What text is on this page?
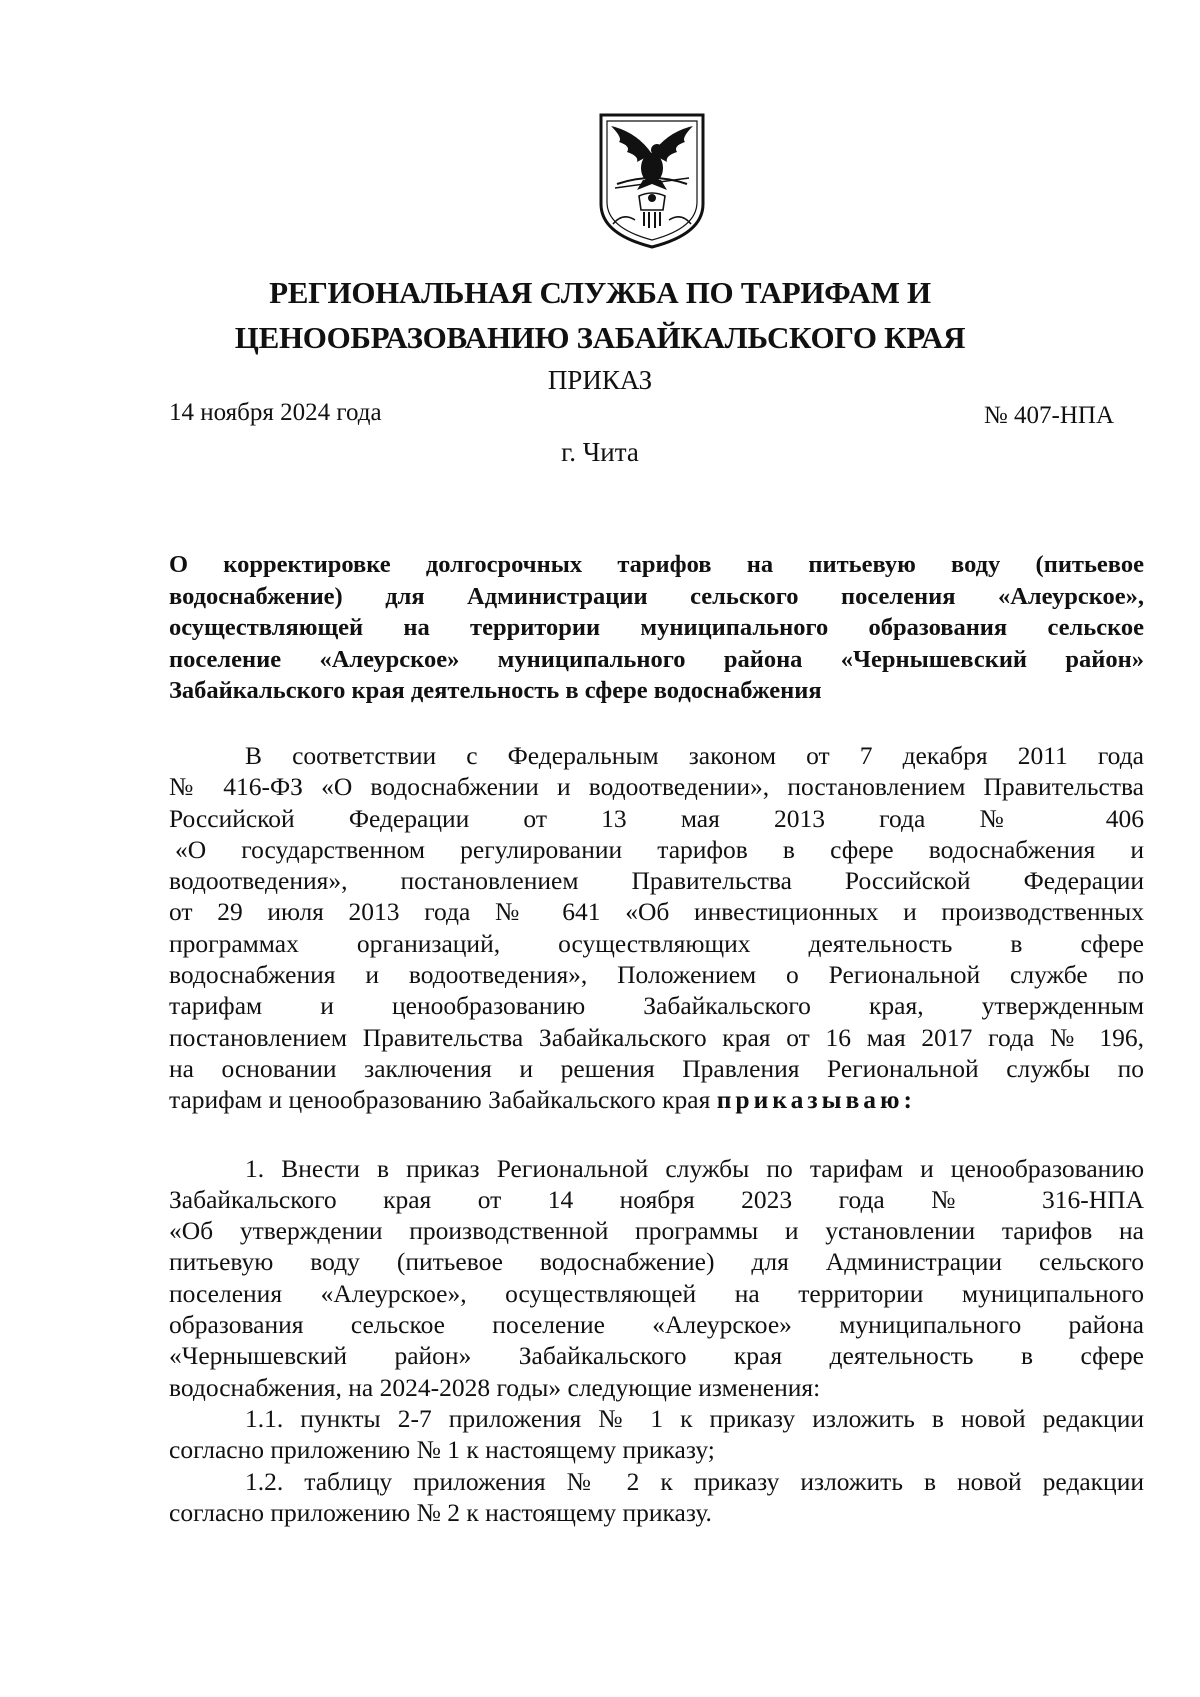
РЕГИОНАЛЬНАЯ СЛУЖБА ПО ТАРИФАМ И
ЦЕНООБРАЗОВАНИЮ ЗАБАЙКАЛЬСКОГО КРАЯ
ПРИКАЗ
14 ноября 2024 года	№ 407-НПА
г. Чита
О корректировке долгосрочных тарифов на питьевую воду (питьевое
водоснабжение) для Администрации сельского поселения «Алеурское»,
осуществляющей на территории муниципального образования сельское
поселение «Алеурское» муниципального района «Чернышевский район»
Забайкальского края деятельность в сфере водоснабжения
В соответствии с Федеральным законом от 7 декабря 2011 года
№ 416-ФЗ «О водоснабжении и водоотведении», постановлением Правительства
Российской Федерации от 13 мая 2013 года № 406
«О государственном регулировании тарифов в сфере водоснабжения и
водоотведения», постановлением Правительства Российской Федерации
от 29 июля 2013 года № 641 «Об инвестиционных и производственных
программах организаций, осуществляющих деятельность в сфере
водоснабжения и водоотведения», Положением о Региональной службе по
тарифам и ценообразованию Забайкальского края, утвержденным
постановлением Правительства Забайкальского края от 16 мая 2017 года № 196,
на основании заключения и решения Правления Региональной службы по
тарифам и ценообразованию Забайкальского края приказываю:
1. Внести в приказ Региональной службы по тарифам и ценообразованию
Забайкальского края от 14 ноября 2023 года № 316-НПА
«Об утверждении производственной программы и установлении тарифов на
питьевую воду (питьевое водоснабжение) для Администрации сельского
поселения «Алеурское», осуществляющей на территории муниципального
образования сельское поселение «Алеурское» муниципального района
«Чернышевский район» Забайкальского края деятельность в сфере
водоснабжения, на 2024-2028 годы» следующие изменения:
1.1. пункты 2-7 приложения № 1 к приказу изложить в новой редакции
согласно приложению № 1 к настоящему приказу;
1.2. таблицу приложения № 2 к приказу изложить в новой редакции
согласно приложению № 2 к настоящему приказу.
